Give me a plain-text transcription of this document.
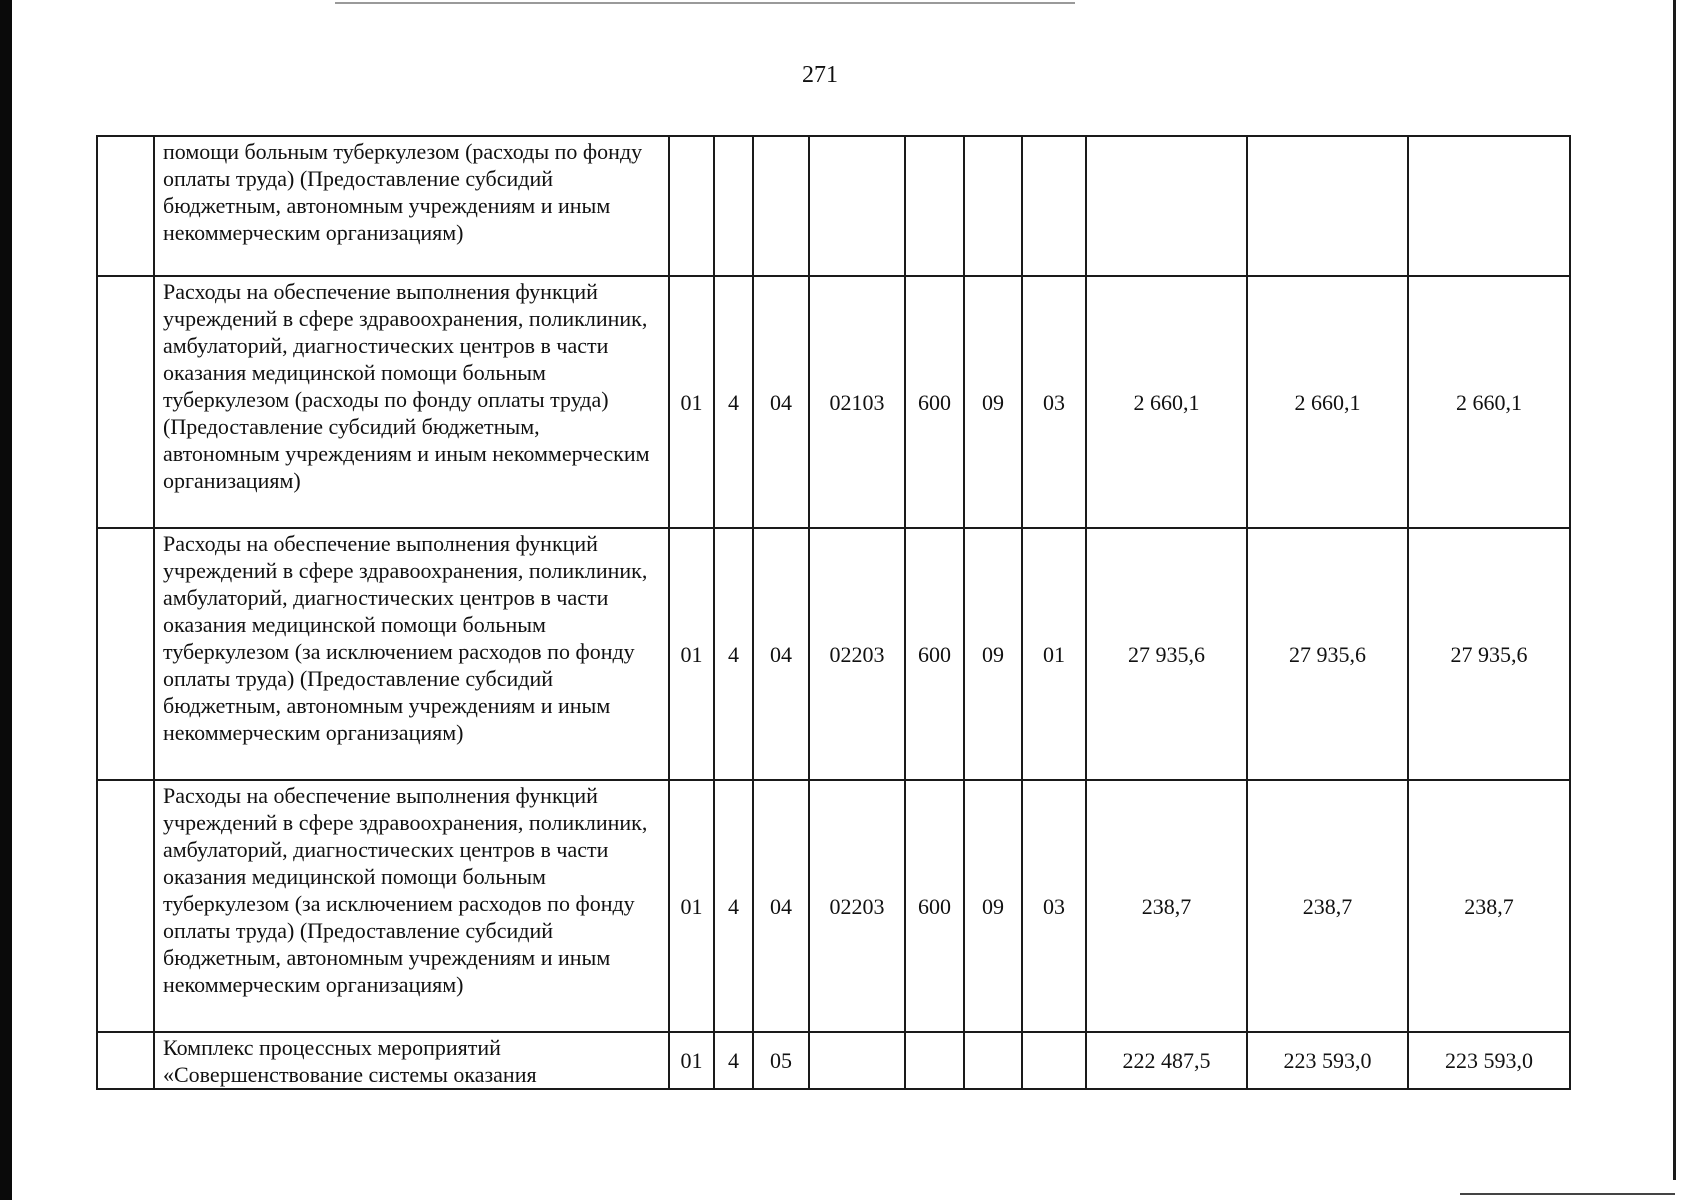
271
	помощи больным туберкулезом (расходы по фонду оплаты труда) (Предоставление субсидий бюджетным, автономным учреждениям и иным некоммерческим организациям)										
	Расходы на обеспечение выполнения функций учреждений в сфере здравоохранения, поликлиник, амбулаторий, диагностических центров в части оказания медицинской помощи больным туберкулезом (расходы по фонду оплаты труда) (Предоставление субсидий бюджетным, автономным учреждениям и иным некоммерческим организациям)	01	4	04	02103	600	09	03	2 660,1	2 660,1	2 660,1
	Расходы на обеспечение выполнения функций учреждений в сфере здравоохранения, поликлиник, амбулаторий, диагностических центров в части оказания медицинской помощи больным туберкулезом (за исключением расходов по фонду оплаты труда) (Предоставление субсидий бюджетным, автономным учреждениям и иным некоммерческим организациям)	01	4	04	02203	600	09	01	27 935,6	27 935,6	27 935,6
	Расходы на обеспечение выполнения функций учреждений в сфере здравоохранения, поликлиник, амбулаторий, диагностических центров в части оказания медицинской помощи больным туберкулезом (за исключением расходов по фонду оплаты труда) (Предоставление субсидий бюджетным, автономным учреждениям и иным некоммерческим организациям)	01	4	04	02203	600	09	03	238,7	238,7	238,7
	Комплекс процессных мероприятий «Совершенствование системы оказания	01	4	05					222 487,5	223 593,0	223 593,0
